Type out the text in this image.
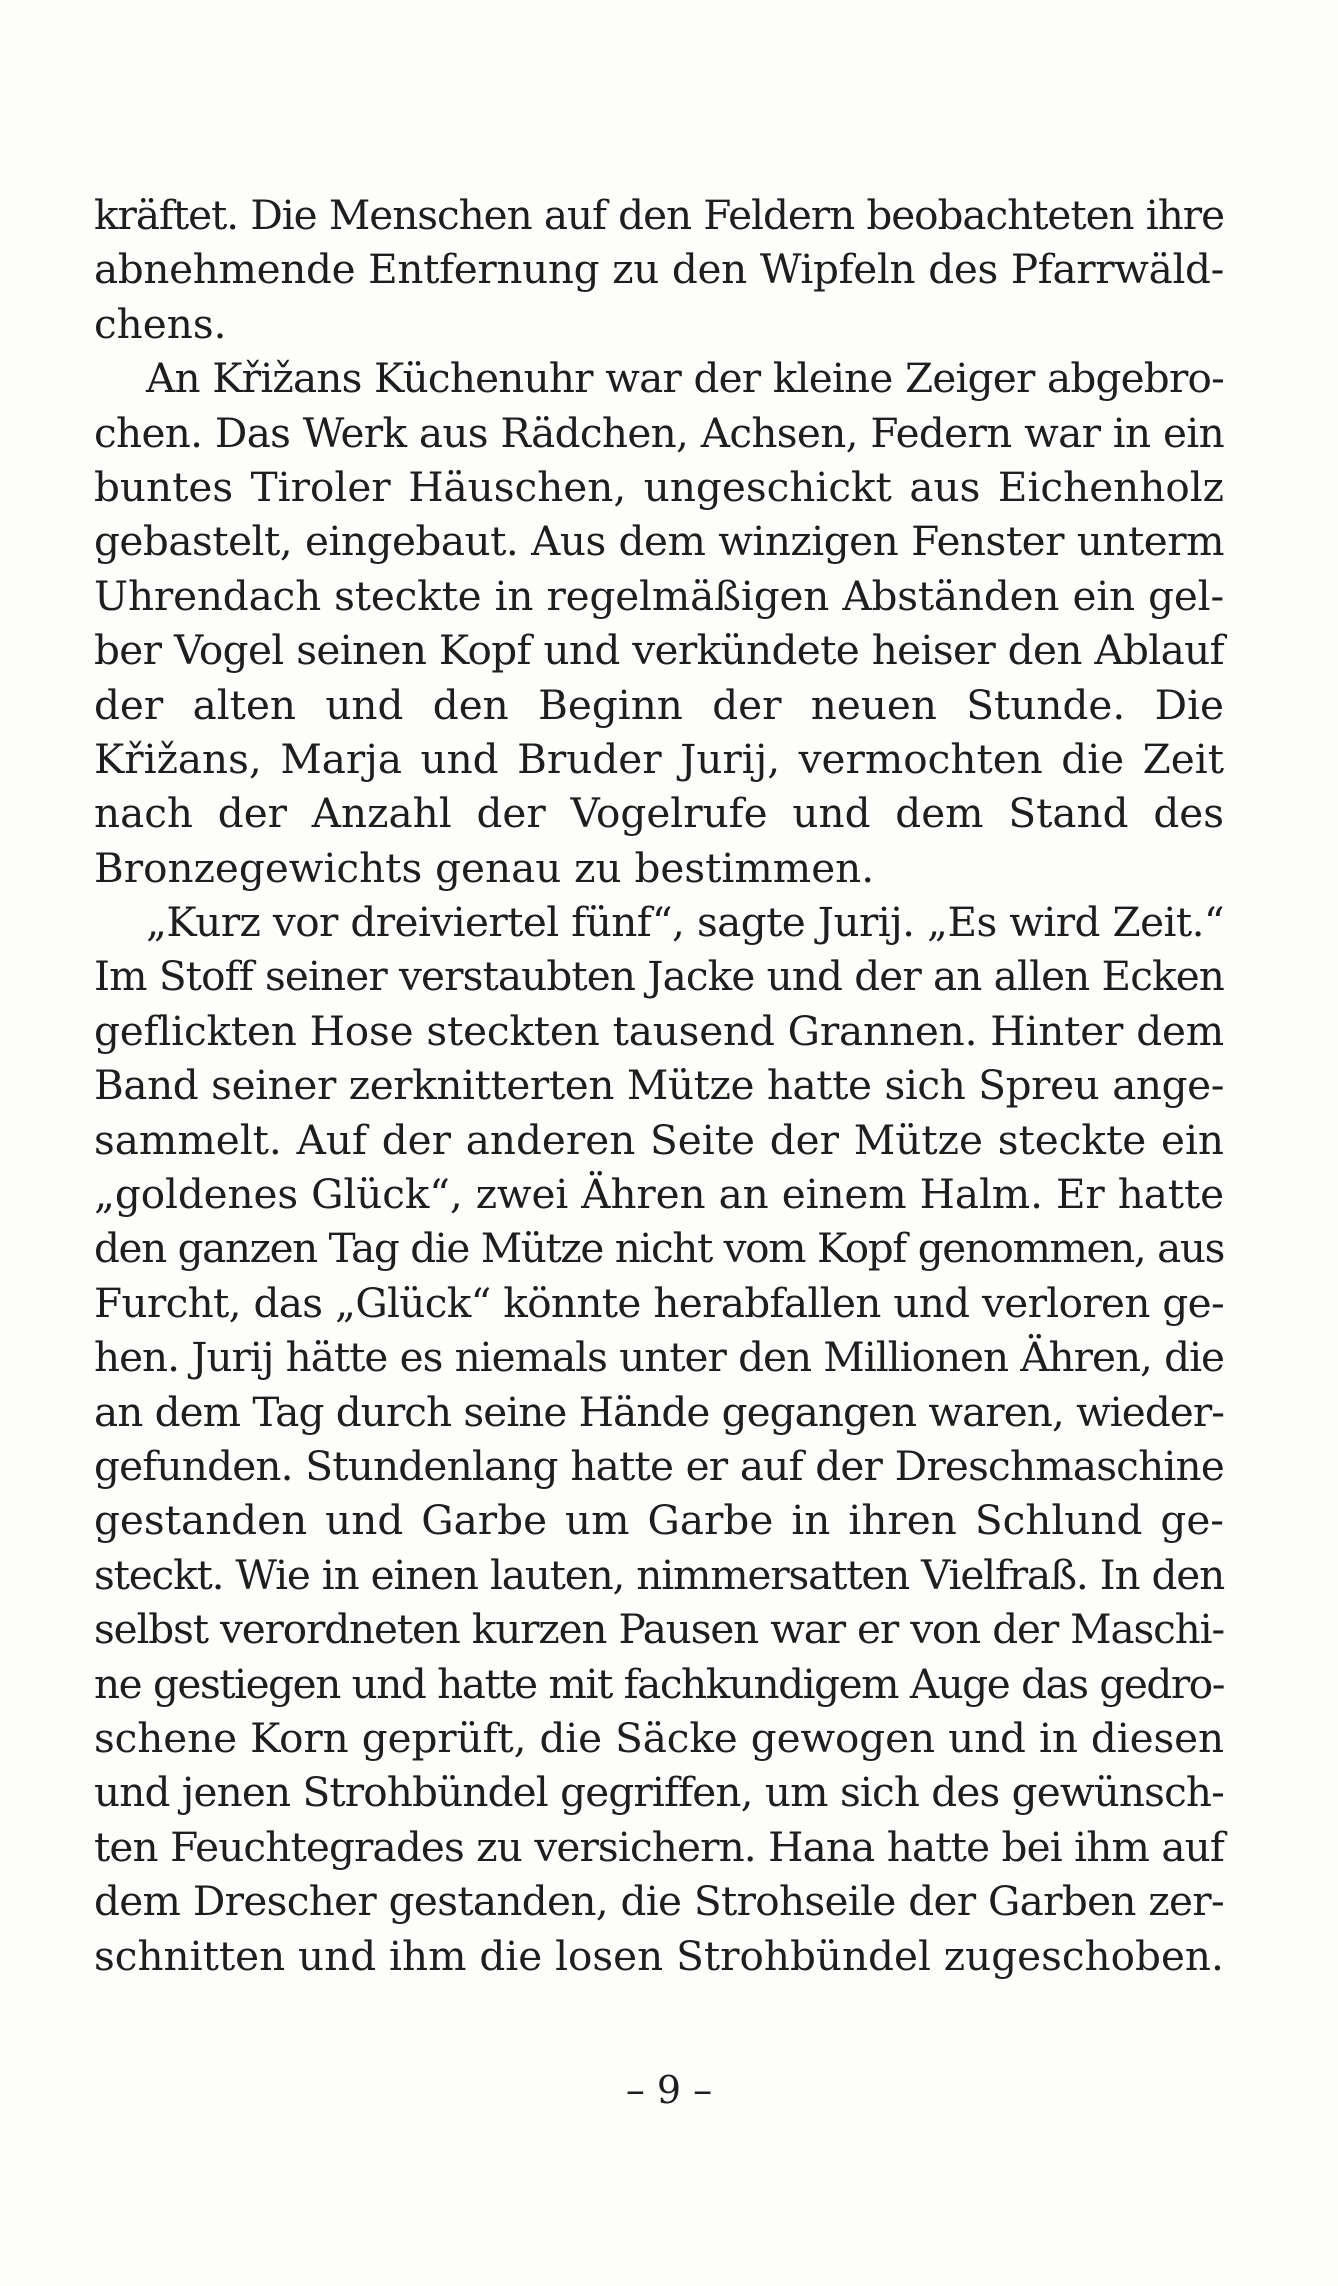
kräftet. Die Menschen auf den Feldern beobachteten ihre
abnehmende Entfernung zu den Wipfeln des Pfarrwäld-
chens.
An Křižans Küchenuhr war der kleine Zeiger abgebro-
chen. Das Werk aus Rädchen, Achsen, Federn war in ein
buntes Tiroler Häuschen, ungeschickt aus Eichenholz
gebastelt, eingebaut. Aus dem winzigen Fenster unterm
Uhrendach steckte in regelmäßigen Abständen ein gel-
ber Vogel seinen Kopf und verkündete heiser den Ablauf
der alten und den Beginn der neuen Stunde. Die
Křižans, Marja und Bruder Jurij, vermochten die Zeit
nach der Anzahl der Vogelrufe und dem Stand des
Bronzegewichts genau zu bestimmen.
„Kurz vor dreiviertel fünf“, sagte Jurij. „Es wird Zeit.“
Im Stoff seiner verstaubten Jacke und der an allen Ecken
geflickten Hose steckten tausend Grannen. Hinter dem
Band seiner zerknitterten Mütze hatte sich Spreu ange-
sammelt. Auf der anderen Seite der Mütze steckte ein
„goldenes Glück“, zwei Ähren an einem Halm. Er hatte
den ganzen Tag die Mütze nicht vom Kopf genommen, aus
Furcht, das „Glück“ könnte herabfallen und verloren ge-
hen. Jurij hätte es niemals unter den Millionen Ähren, die
an dem Tag durch seine Hände gegangen waren, wieder-
gefunden. Stundenlang hatte er auf der Dreschmaschine
gestanden und Garbe um Garbe in ihren Schlund ge-
steckt. Wie in einen lauten, nimmersatten Vielfraß. In den
selbst verordneten kurzen Pausen war er von der Maschi-
ne gestiegen und hatte mit fachkundigem Auge das gedro-
schene Korn geprüft, die Säcke gewogen und in diesen
und jenen Strohbündel gegriffen, um sich des gewünsch-
ten Feuchtegrades zu versichern. Hana hatte bei ihm auf
dem Drescher gestanden, die Strohseile der Garben zer-
schnitten und ihm die losen Strohbündel zugeschoben.
– 9 –
